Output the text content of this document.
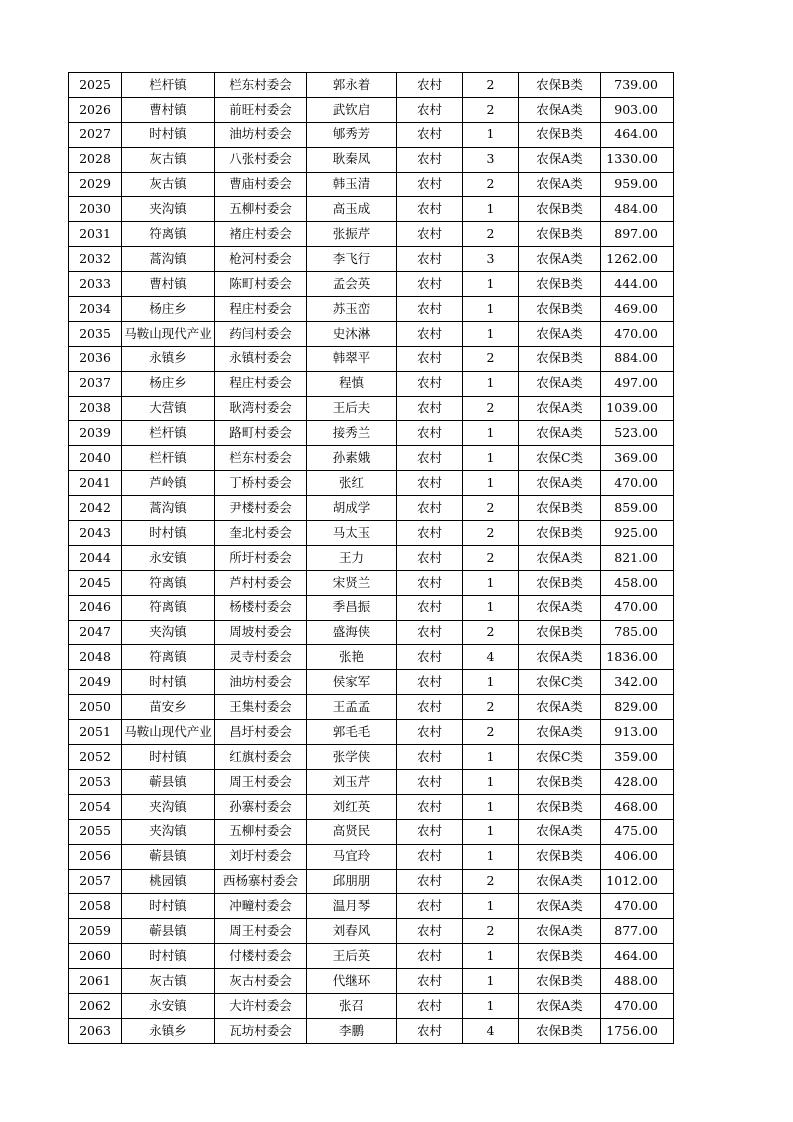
2025	栏杆镇	栏东村委会	郭永着	农村	2	农保B类	739.00
2026	曹村镇	前旺村委会	武钦启	农村	2	农保A类	903.00
2027	时村镇	油坊村委会	郇秀芳	农村	1	农保B类	464.00
2028	灰古镇	八张村委会	耿秦凤	农村	3	农保A类	1330.00
2029	灰古镇	曹庙村委会	韩玉清	农村	2	农保A类	959.00
2030	夹沟镇	五柳村委会	高玉成	农村	1	农保B类	484.00
2031	符离镇	褚庄村委会	张振芹	农村	2	农保B类	897.00
2032	蒿沟镇	枪河村委会	李飞行	农村	3	农保A类	1262.00
2033	曹村镇	陈町村委会	孟会英	农村	1	农保B类	444.00
2034	杨庄乡	程庄村委会	苏玉峦	农村	1	农保B类	469.00
2035	马鞍山现代产业	药闫村委会	史沐淋	农村	1	农保A类	470.00
2036	永镇乡	永镇村委会	韩翠平	农村	2	农保B类	884.00
2037	杨庄乡	程庄村委会	程慎	农村	1	农保A类	497.00
2038	大营镇	耿湾村委会	王后夫	农村	2	农保A类	1039.00
2039	栏杆镇	路町村委会	接秀兰	农村	1	农保A类	523.00
2040	栏杆镇	栏东村委会	孙素娥	农村	1	农保C类	369.00
2041	芦岭镇	丁桥村委会	张红	农村	1	农保A类	470.00
2042	蒿沟镇	尹楼村委会	胡成学	农村	2	农保B类	859.00
2043	时村镇	奎北村委会	马太玉	农村	2	农保B类	925.00
2044	永安镇	所圩村委会	王力	农村	2	农保A类	821.00
2045	符离镇	芦村村委会	宋贤兰	农村	1	农保B类	458.00
2046	符离镇	杨楼村委会	季昌振	农村	1	农保A类	470.00
2047	夹沟镇	周坡村委会	盛海侠	农村	2	农保B类	785.00
2048	符离镇	灵寺村委会	张艳	农村	4	农保A类	1836.00
2049	时村镇	油坊村委会	侯家军	农村	1	农保C类	342.00
2050	苗安乡	王集村委会	王孟孟	农村	2	农保A类	829.00
2051	马鞍山现代产业	昌圩村委会	郭毛毛	农村	2	农保A类	913.00
2052	时村镇	红旗村委会	张学侠	农村	1	农保C类	359.00
2053	蕲县镇	周王村委会	刘玉芹	农村	1	农保B类	428.00
2054	夹沟镇	孙寨村委会	刘红英	农村	1	农保B类	468.00
2055	夹沟镇	五柳村委会	高贤民	农村	1	农保A类	475.00
2056	蕲县镇	刘圩村委会	马宜玲	农村	1	农保B类	406.00
2057	桃园镇	西杨寨村委会	邱朋朋	农村	2	农保A类	1012.00
2058	时村镇	冲疃村委会	温月琴	农村	1	农保A类	470.00
2059	蕲县镇	周王村委会	刘春风	农村	2	农保A类	877.00
2060	时村镇	付楼村委会	王后英	农村	1	农保B类	464.00
2061	灰古镇	灰古村委会	代继环	农村	1	农保B类	488.00
2062	永安镇	大许村委会	张召	农村	1	农保A类	470.00
2063	永镇乡	瓦坊村委会	李鹏	农村	4	农保B类	1756.00
